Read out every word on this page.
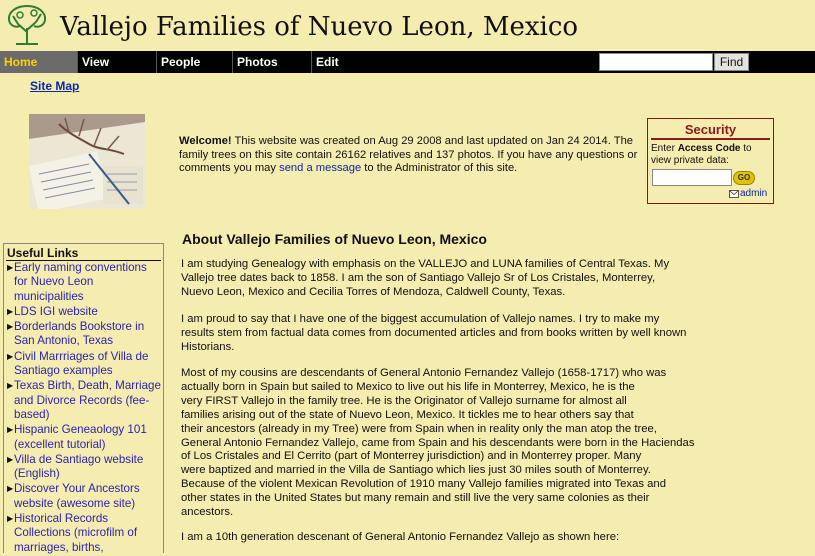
Vallejo Families of Nuevo Leon, Mexico
Home	View	People	Photos	Edit	Find
Site Map
Welcome! This website was created on Aug 29 2008 and last updated on Jan 24 2014. The family trees on this site contain 26162 relatives and 137 photos. If you have any questions or comments you may send a message to the Administrator of this site.
Security
Enter Access Code to view private data:
GO
admin
Useful Links
▶ Early naming conventions for Nuevo Leon municipalities
▶ LDS IGI website
▶ Borderlands Bookstore in San Antonio, Texas
▶ Civil Marrriages of Villa de Santiago examples
▶ Texas Birth, Death, Marriage and Divorce Records (fee-based)
▶ Hispanic Geneaology 101 (excellent tutorial)
▶ Villa de Santiago website (English)
▶ Discover Your Ancestors website (awesome site)
▶ Historical Records Collections (microfilm of marriages, births,
About Vallejo Families of Nuevo Leon, Mexico
I am studying Genealogy with emphasis on the VALLEJO and LUNA families of Central Texas. My
Vallejo tree dates back to 1858. I am the son of Santiago Vallejo Sr of Los Cristales, Monterrey,
Nuevo Leon, Mexico and Cecilia Torres of Mendoza, Caldwell County, Texas.
I am proud to say that I have one of the biggest accumulation of Vallejo names. I try to make my
results stem from factual data comes from documented articles and from books written by well known
Historians.
Most of my cousins are descendants of General Antonio Fernandez Vallejo (1658-1717) who was
actually born in Spain but sailed to Mexico to live out his life in Monterrey, Mexico, he is the
very FIRST Vallejo in the family tree. He is the Originator of Vallejo surname for almost all
families arising out of the state of Nuevo Leon, Mexico. It tickles me to hear others say that
their ancestors (already in my Tree) were from Spain when in reality only the man atop the tree,
General Antonio Fernandez Vallejo, came from Spain and his descendants were born in the Haciendas
of Los Cristales and El Cerrito (part of Monterrey jurisdiction) and in Monterrey proper. Many
were baptized and married in the Villa de Santiago which lies just 30 miles south of Monterrey.
Because of the violent Mexican Revolution of 1910 many Vallejo families migrated into Texas and
other states in the United States but many remain and still live the very same colonies as their
ancestors.
I am a 10th generation descenant of General Antonio Fernandez Vallejo as shown here:
